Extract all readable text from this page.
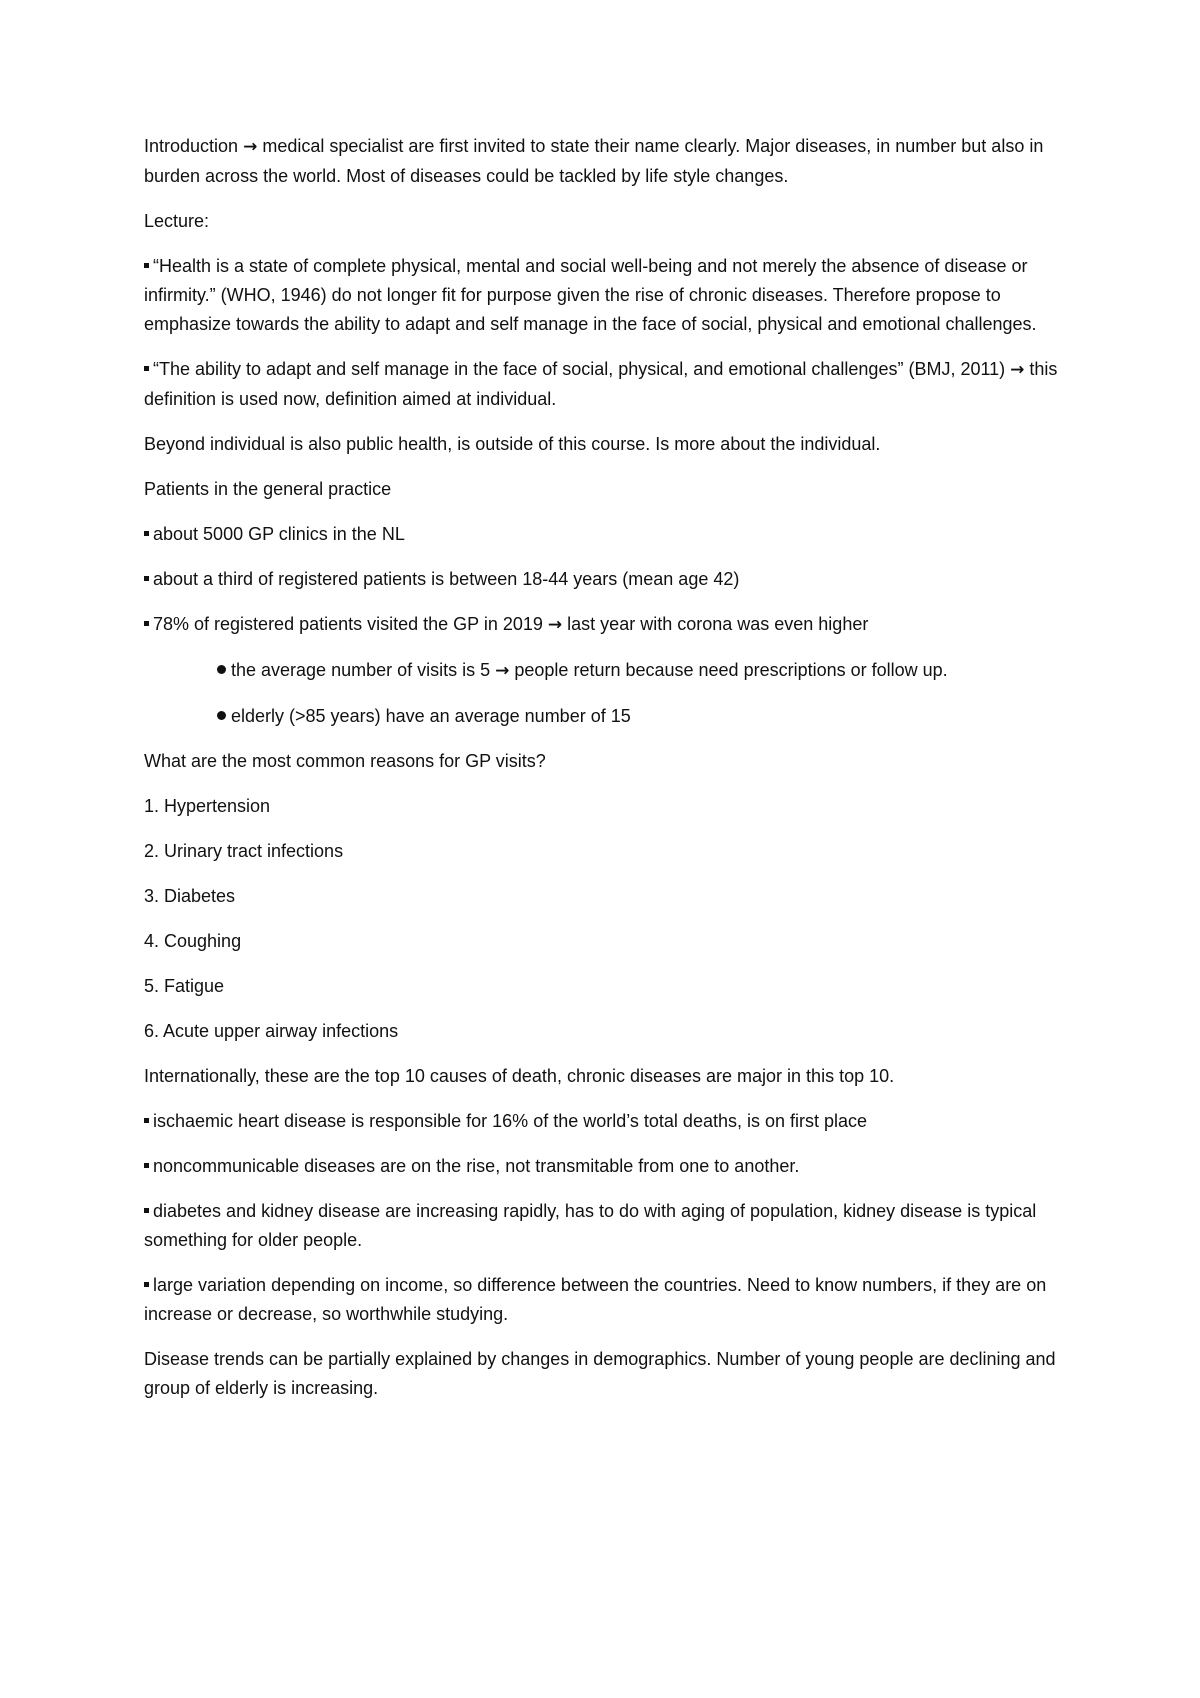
Introduction → medical specialist are first invited to state their name clearly. Major diseases, in number but also in burden across the world. Most of diseases could be tackled by life style changes.

Lecture:

“Health is a state of complete physical, mental and social well-being and not merely the absence of disease or infirmity.” (WHO, 1946) do not longer fit for purpose given the rise of chronic diseases. Therefore propose to emphasize towards the ability to adapt and self manage in the face of social, physical and emotional challenges.

“The ability to adapt and self manage in the face of social, physical, and emotional challenges” (BMJ, 2011) → this definition is used now, definition aimed at individual.

Beyond individual is also public health, is outside of this course. Is more about the individual.

Patients in the general practice

about 5000 GP clinics in the NL

about a third of registered patients is between 18-44 years (mean age 42)

78% of registered patients visited the GP in 2019 → last year with corona was even higher

the average number of visits is 5 → people return because need prescriptions or follow up.

elderly (>85 years) have an average number of 15

What are the most common reasons for GP visits?

1. Hypertension

2. Urinary tract infections

3. Diabetes

4. Coughing

5. Fatigue

6. Acute upper airway infections

Internationally, these are the top 10 causes of death, chronic diseases are major in this top 10.

ischaemic heart disease is responsible for 16% of the world’s total deaths, is on first place

noncommunicable diseases are on the rise, not transmitable from one to another.

diabetes and kidney disease are increasing rapidly, has to do with aging of population, kidney disease is typical something for older people.

large variation depending on income, so difference between the countries. Need to know numbers, if they are on increase or decrease, so worthwhile studying.

Disease trends can be partially explained by changes in demographics. Number of young people are declining and group of elderly is increasing.
